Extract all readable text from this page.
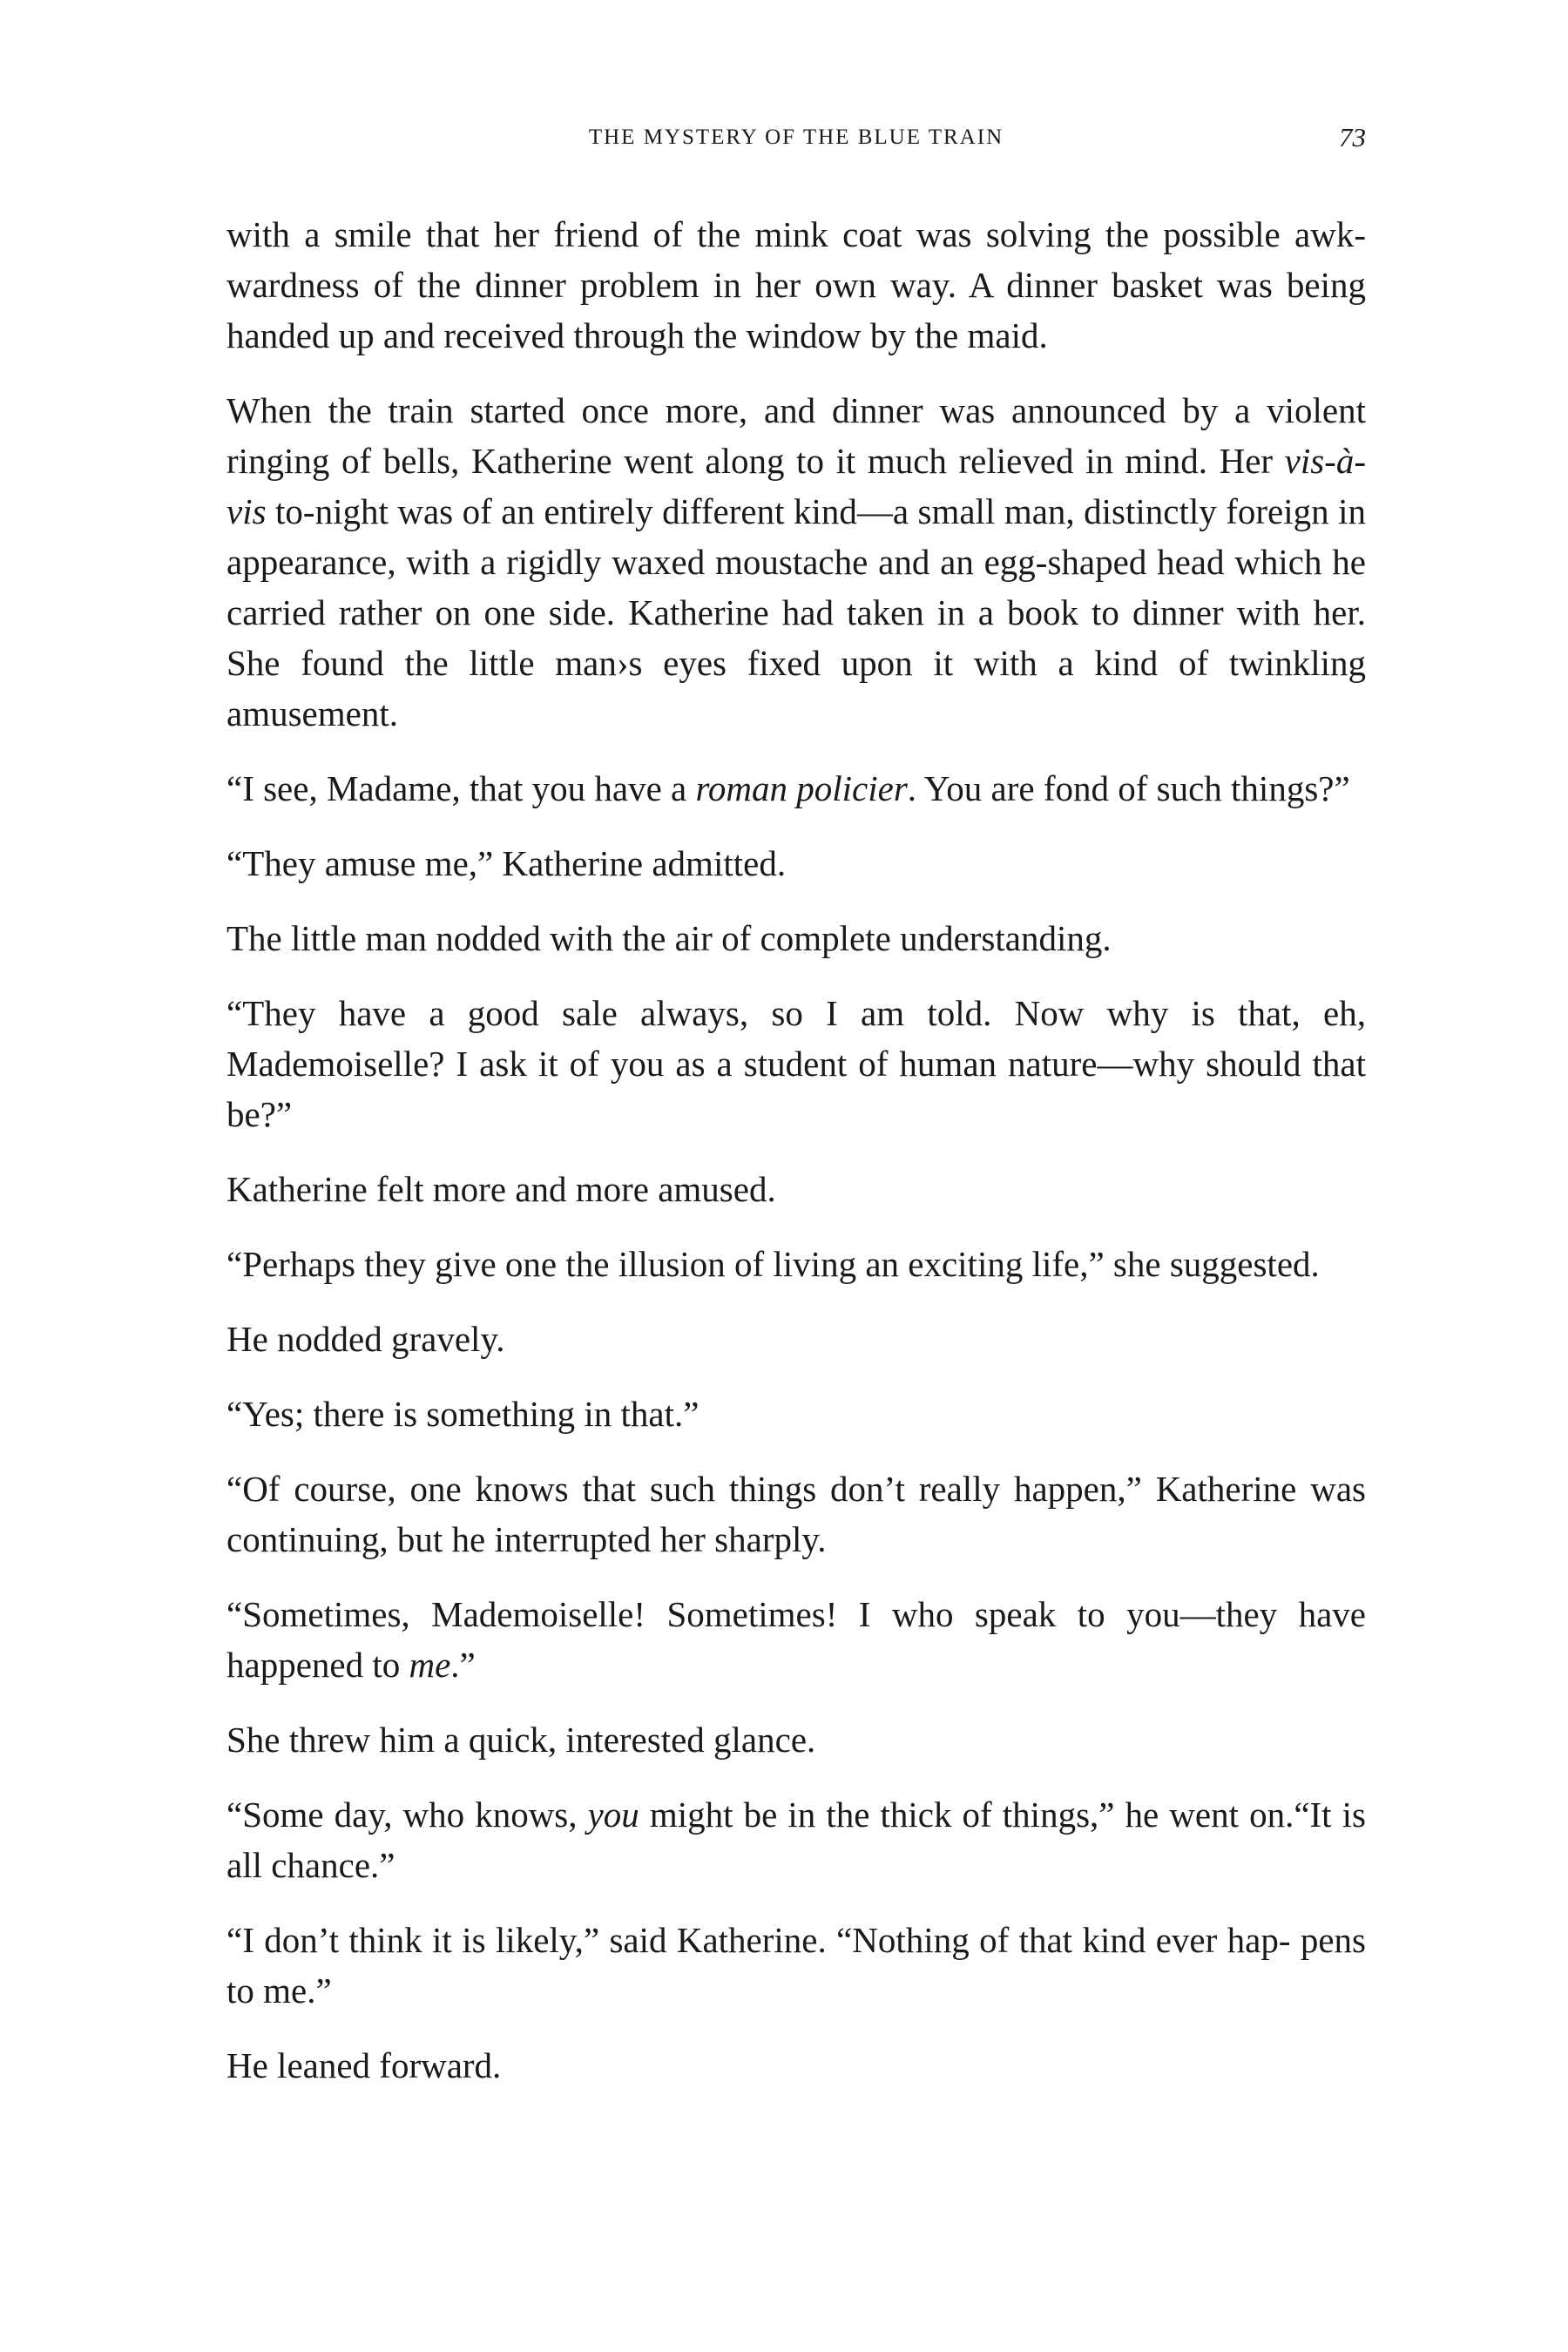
THE MYSTERY OF THE BLUE TRAIN	73

with a smile that her friend of the mink coat was solving the possible awk- wardness of the dinner problem in her own way. A dinner basket was being handed up and received through the window by the maid.

When the train started once more, and dinner was announced by a violent ringing of bells, Katherine went along to it much relieved in mind. Her vis-à-vis to-night was of an entirely different kind—a small man, distinctly foreign in appearance, with a rigidly waxed moustache and an egg-shaped head which he carried rather on one side. Katherine had taken in a book to dinner with her. She found the little man›s eyes fixed upon it with a kind of twinkling amusement.

“I see, Madame, that you have a roman policier. You are fond of such things?”

“They amuse me,” Katherine admitted.

The little man nodded with the air of complete understanding.

“They have a good sale always, so I am told. Now why is that, eh, Mademoiselle? I ask it of you as a student of human nature—why should that be?”

Katherine felt more and more amused.

“Perhaps they give one the illusion of living an exciting life,” she suggested.

He nodded gravely.

“Yes; there is something in that.”

“Of course, one knows that such things don’t really happen,” Katherine was continuing, but he interrupted her sharply.

“Sometimes, Mademoiselle! Sometimes! I who speak to you—they have happened to me.”

She threw him a quick, interested glance.

“Some day, who knows, you might be in the thick of things,” he went on.“It is all chance.”

“I don’t think it is likely,” said Katherine. “Nothing of that kind ever hap- pens to me.”

He leaned forward.
